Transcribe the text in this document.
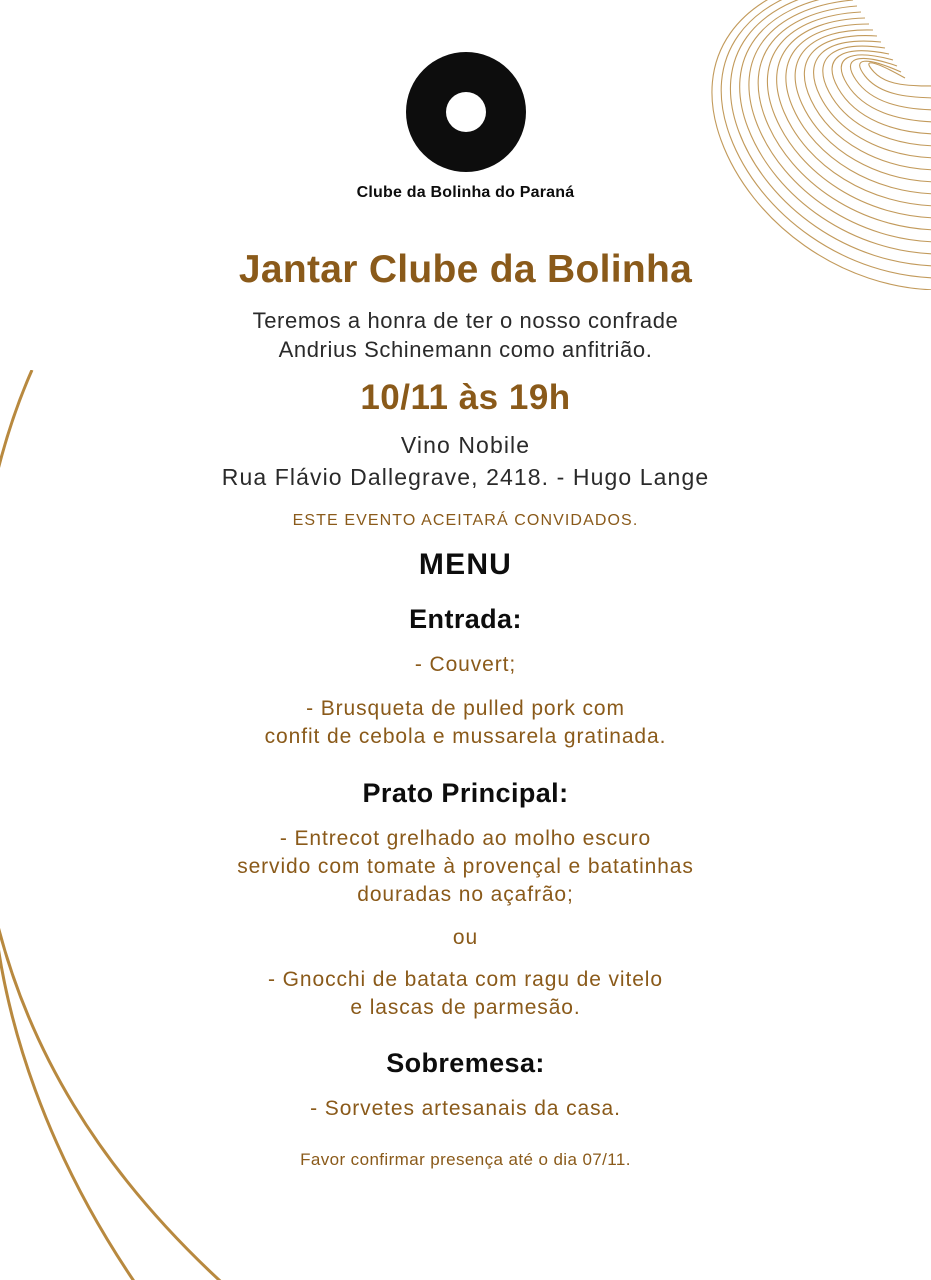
Clube da Bolinha do Paraná
Jantar Clube da Bolinha

Teremos a honra de ter o nosso confrade
Andrius Schinemann como anfitrião.

10/11 às 19h

Vino Nobile
Rua Flávio Dallegrave, 2418. - Hugo Lange

ESTE EVENTO ACEITARÁ CONVIDADOS.
MENU
Entrada:

- Couvert;

- Brusqueta de pulled pork com
confit de cebola e mussarela gratinada.

Prato Principal:

- Entrecot grelhado ao molho escuro
servido com tomate à provençal e batatinhas
douradas no açafrão;

ou

- Gnocchi de batata com ragu de vitelo
e lascas de parmesão.

Sobremesa:

- Sorvetes artesanais da casa.

Favor confirmar presença até o dia 07/11.
